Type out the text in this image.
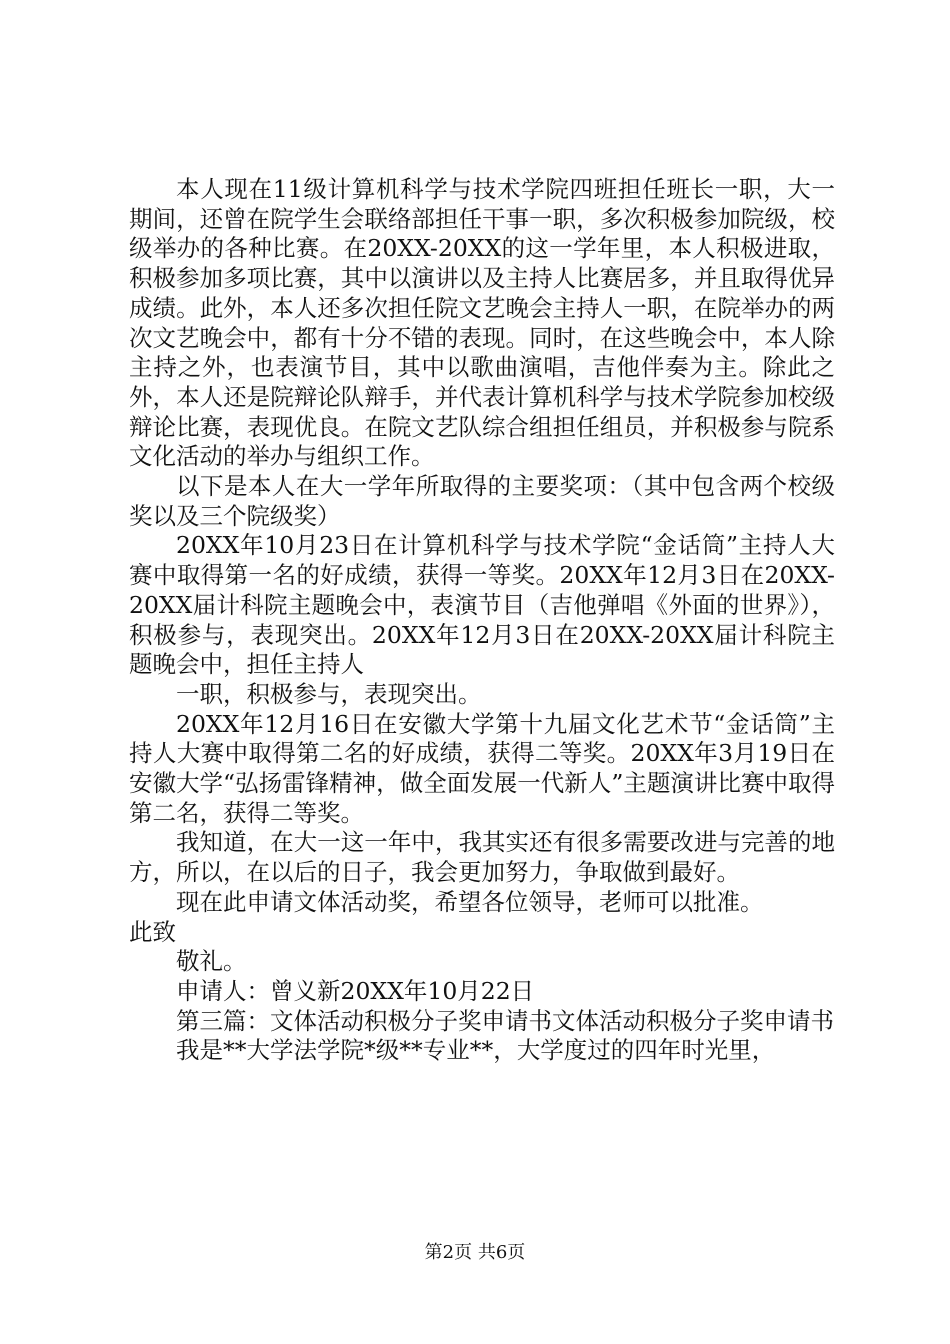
本人现在11级计算机科学与技术学院四班担任班长一职，大一期间，还曾在院学生会联络部担任干事一职，多次积极参加院级，校级举办的各种比赛。在20XX-20XX的这一学年里，本人积极进取，积极参加多项比赛，其中以演讲以及主持人比赛居多，并且取得优异成绩。此外，本人还多次担任院文艺晚会主持人一职，在院举办的两次文艺晚会中，都有十分不错的表现。同时，在这些晚会中，本人除主持之外，也表演节目，其中以歌曲演唱，吉他伴奏为主。除此之外，本人还是院辩论队辩手，并代表计算机科学与技术学院参加校级辩论比赛，表现优良。在院文艺队综合组担任组员，并积极参与院系文化活动的举办与组织工作。

以下是本人在大一学年所取得的主要奖项：（其中包含两个校级奖以及三个院级奖）

20XX年10月23日在计算机科学与技术学院“金话筒”主持人大赛中取得第一名的好成绩，获得一等奖。20XX年12月3日在20XX-20XX届计科院主题晚会中，表演节目（吉他弹唱《外面的世界》），积极参与，表现突出。20XX年12月3日在20XX-20XX届计科院主题晚会中，担任主持人

一职，积极参与，表现突出。

20XX年12月16日在安徽大学第十九届文化艺术节“金话筒”主持人大赛中取得第二名的好成绩，获得二等奖。20XX年3月19日在安徽大学“弘扬雷锋精神，做全面发展一代新人”主题演讲比赛中取得第二名，获得二等奖。

我知道，在大一这一年中，我其实还有很多需要改进与完善的地方，所以，在以后的日子，我会更加努力，争取做到最好。

现在此申请文体活动奖，希望各位领导，老师可以批准。

此致

敬礼。

申请人：曾义新20XX年10月22日

第三篇：文体活动积极分子奖申请书文体活动积极分子奖申请书

我是**大学法学院*级**专业**，大学度过的四年时光里，

第2页 共6页
